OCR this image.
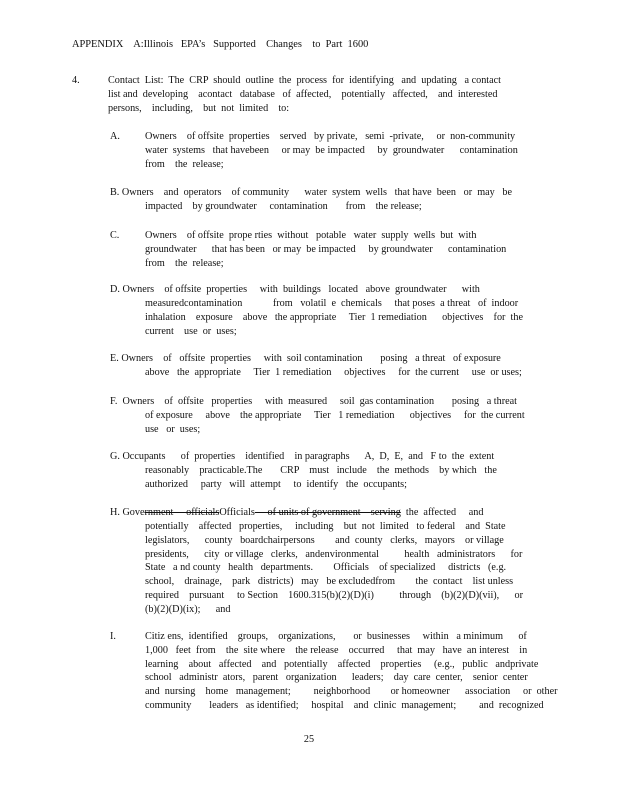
APPENDIX    A:Illinois   EPA’s   Supported    Changes    to  Part  1600
4.	Contact  List:  The  CRP  should  outline  the  process  for  identifying   and  updating   a contact
list and  developing    acontact   database   of  affected,    potentially   affected,    and  interested
persons,    including,    but  not  limited    to:
A. Owners    of offsite  properties    served   by private,   semi  -private,     or  non-community
water  systems   that havebeen     or may  be impacted     by  groundwater      contamination
from    the  release;
B. Owners    and  operators    of community      water  system  wells   that have  been   or  may   be
impacted    by groundwater     contamination       from    the release;
C.	Owners    of offsite  prope rties  without   potable   water  supply  wells  but  with
groundwater      that has been   or may  be impacted     by groundwater      contamination
from    the  release;
D. Owners    of offsite  properties     with  buildings   located   above  groundwater      with
measuredcontamination            from   volatil  e  chemicals     that poses  a threat   of  indoor
inhalation    exposure    above   the appropriate     Tier  1 remediation      objectives    for  the
current    use  or  uses;
E. Owners    of   offsite  properties     with  soil contamination       posing   a threat   of exposure
above   the  appropriate     Tier  1 remediation     objectives     for  the current     use  or uses;
F.  Owners    of  offsite   properties     with  measured     soil  gas contamination       posing   a threat
of exposure     above    the appropriate     Tier   1 remediation      objectives     for  the current
use   or  uses;
G. Occupants      of  properties    identified    in paragraphs      A,  D,  E,  and   F to  the  extent
reasonably    practicable.The       CRP    must   include    the  methods    by which   the
authorized     party   will  attempt     to  identify   the  occupants;
H. Government     officialsOfficials     of units of government    serving  the  affected     and
potentially    affected   properties,     including    but  not  limited   to federal    and  State
legislators,      county   boardchairpersons        and  county   clerks,   mayors    or village
presidents,      city  or village   clerks,   andenvironmental          health   administrators      for
State   a nd county   health   departments.        Officials    of specialized     districts   (e.g.
school,    drainage,    park   districts)   may   be excludedfrom        the  contact    list unless
required    pursuant     to Section    1600.315(b)(2)(D)(i)          through    (b)(2)(D)(vii),      or
(b)(2)(D)(ix);      and
I.	Citiz ens,  identified    groups,    organizations,       or  businesses     within   a minimum      of
1,000   feet  from    the  site where    the release    occurred     that  may   have  an interest    in
learning    about   affected    and   potentially    affected    properties     (e.g.,   public   andprivate
school   administr  ators,   parent   organization      leaders;    day  care  center,    senior  center
and  nursing    home   management;         neighborhood        or homeowner      association     or  other
community       leaders   as identified;     hospital    and  clinic  management;         and  recognized
25
